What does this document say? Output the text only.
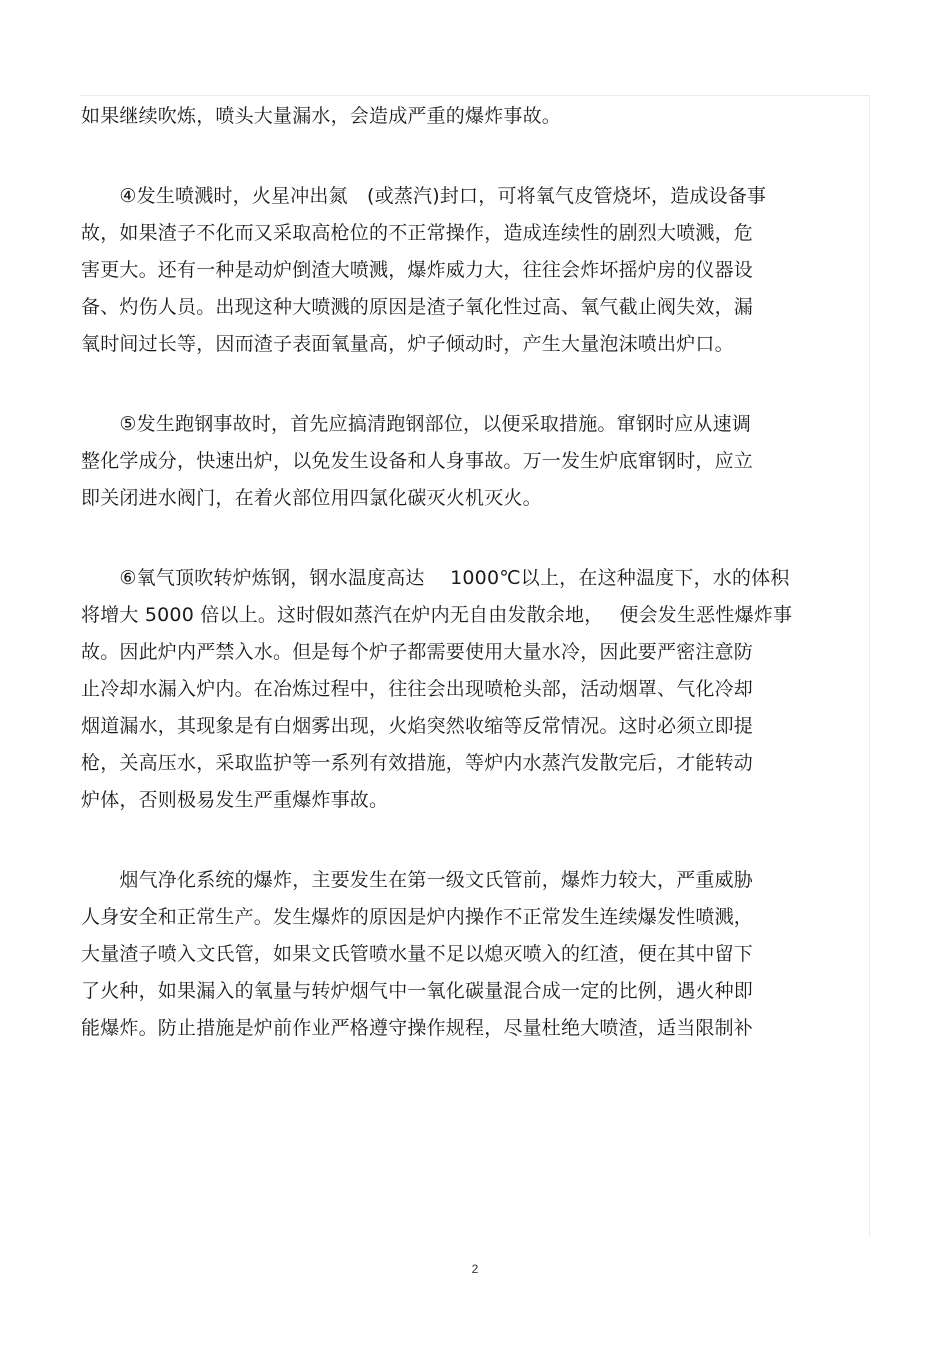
如果继续吹炼，喷头大量漏水，会造成严重的爆炸事故。
　　④发生喷溅时，火星冲出氮　(或蒸汽)封口，可将氧气皮管烧坏，造成设备事
故，如果渣子不化而又采取高枪位的不正常操作，造成连续性的剧烈大喷溅，危
害更大。还有一种是动炉倒渣大喷溅，爆炸威力大，往往会炸坏摇炉房的仪器设
备、灼伤人员。出现这种大喷溅的原因是渣子氧化性过高、氧气截止阀失效，漏
氧时间过长等，因而渣子表面氧量高，炉子倾动时，产生大量泡沫喷出炉口。
　　⑤发生跑钢事故时，首先应搞清跑钢部位，以便采取措施。窜钢时应从速调
整化学成分，快速出炉，以免发生设备和人身事故。万一发生炉底窜钢时，应立
即关闭进水阀门，在着火部位用四氯化碳灭火机灭火。
　　⑥氧气顶吹转炉炼钢，钢水温度高达　 1000℃以上，在这种温度下，水的体积
将增大 5000 倍以上。这时假如蒸汽在炉内无自由发散余地，　 便会发生恶性爆炸事
故。因此炉内严禁入水。但是每个炉子都需要使用大量水冷，因此要严密注意防
止冷却水漏入炉内。在冶炼过程中，往往会出现喷枪头部，活动烟罩、气化冷却
烟道漏水，其现象是有白烟雾出现，火焰突然收缩等反常情况。这时必须立即提
枪，关高压水，采取监护等一系列有效措施，等炉内水蒸汽发散完后，才能转动
炉体，否则极易发生严重爆炸事故。
　　烟气净化系统的爆炸，主要发生在第一级文氏管前，爆炸力较大，严重威胁
人身安全和正常生产。发生爆炸的原因是炉内操作不正常发生连续爆发性喷溅，
大量渣子喷入文氏管，如果文氏管喷水量不足以熄灭喷入的红渣，便在其中留下
了火种，如果漏入的氧量与转炉烟气中一氧化碳量混合成一定的比例，遇火种即
能爆炸。防止措施是炉前作业严格遵守操作规程，尽量杜绝大喷渣，适当限制补
2
